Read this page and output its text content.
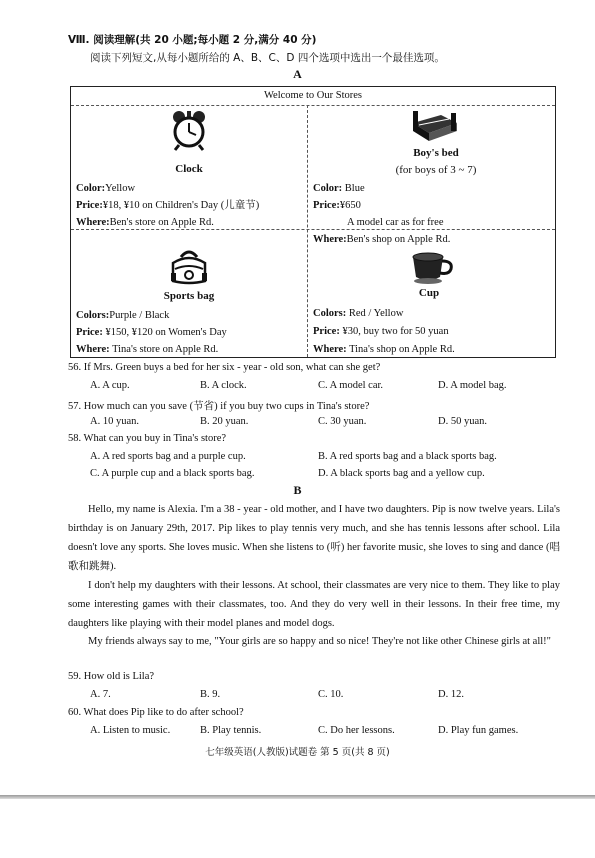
Ⅷ. 阅读理解(共 20 小题;每小题 2 分,满分 40 分)
阅读下列短文,从每小题所给的 A、B、C、D 四个选项中选出一个最佳选项。
A
Welcome to Our Stores
Clock
Color:Yellow
Price:¥18, ¥10 on Children's Day (儿童节)
Where:Ben's store on Apple Rd.
Boy's bed
(for boys of 3 ~ 7)
Color: Blue
Price:¥650
A model car as for free
Where:Ben's shop on Apple Rd.
Sports bag
Colors:Purple / Black
Price: ¥150, ¥120 on Women's Day
Where: Tina's store on Apple Rd.
Cup
Colors: Red / Yellow
Price: ¥30, buy two for 50 yuan
Where: Tina's shop on Apple Rd.
56. If Mrs. Green buys a bed for her six - year - old son, what can she get?
A. A cup.	B. A clock.	C. A model car.	D. A model bag.
57. How much can you save (节省) if you buy two cups in Tina's store?
A. 10 yuan.	B. 20 yuan.	C. 30 yuan.	D. 50 yuan.
58. What can you buy in Tina's store?
A. A red sports bag and a purple cup.	B. A red sports bag and a black sports bag.
C. A purple cup and a black sports bag.	D. A black sports bag and a yellow cup.
B
Hello, my name is Alexia. I'm a 38 - year - old mother, and I have two daughters. Pip is now twelve years. Lila's birthday is on January 29th, 2017. Pip likes to play tennis very much, and she has tennis lessons after school. Lila doesn't love any sports. She loves music. When she listens to (听) her favorite music, she loves to sing and dance (唱歌和跳舞).
I don't help my daughters with their lessons. At school, their classmates are very nice to them. They like to play some interesting games with their classmates, too. And they do very well in their lessons. In their free time, my daughters like playing with their model planes and model dogs.
My friends always say to me, "Your girls are so happy and so nice! They're not like other Chinese girls at all!"
59. How old is Lila?
A. 7.	B. 9.	C. 10.	D. 12.
60. What does Pip like to do after school?
A. Listen to music.	B. Play tennis.	C. Do her lessons.	D. Play fun games.
七年级英语(人教版)试题卷 第 5 页(共 8 页)
